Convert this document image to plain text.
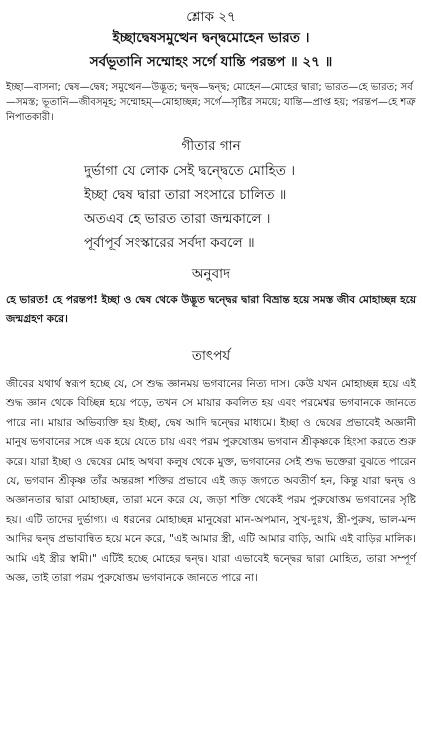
শ্লোক ২৭
ইচ্ছাদ্বেষসমুত্থেন দ্বন্দ্বমোহেন ভারত ।
সর্বভূতানি সম্মোহং সর্গে যান্তি পরন্তপ ॥ ২৭ ॥
ইচ্ছা—বাসনা; দ্বেষ—দ্বেষ; সমুত্থেন—উদ্ভূত; দ্বন্দ্ব—দ্বন্দ্ব; মোহেন—মোহের দ্বারা; ভারত—হে ভারত; সর্ব—সমস্ত; ভূতানি—জীবসমূহ; সম্মোহম্—মোহাচ্ছন্ন; সর্গে—সৃষ্টির সময়ে; যান্তি—প্রাপ্ত হয়; পরন্তপ—হে শত্রু নিপাতকারী।
গীতার গান
দুর্ভাগা যে লোক সেই দ্বন্দ্বেতে মোহিত ।
ইচ্ছা দ্বেষ দ্বারা তারা সংসারে চালিত ॥
অতএব হে ভারত তারা জন্মকালে ।
পূর্বাপূর্ব সংস্কারের সর্বদা কবলে ॥
অনুবাদ
হে ভারত! হে পরন্তপ! ইচ্ছা ও দ্বেষ থেকে উদ্ভূত দ্বন্দ্বের দ্বারা বিভ্রান্ত হয়ে সমস্ত জীব মোহাচ্ছন্ন হয়ে জন্মগ্রহণ করে।
তাৎপর্য
জীবের যথার্থ স্বরূপ হচ্ছে যে, সে শুদ্ধ জ্ঞানময় ভগবানের নিত্য দাস। কেউ যখন মোহাচ্ছন্ন হয়ে এই শুদ্ধ জ্ঞান থেকে বিচ্ছিন্ন হয়ে পড়ে, তখন সে মায়ার কবলিত হয় এবং পরমেশ্বর ভগবানকে জানতে পারে না। মায়ার অভিব্যক্তি হয় ইচ্ছা, দ্বেষ আদি দ্বন্দ্বের মাধ্যমে। ইচ্ছা ও দ্বেষের প্রভাবেই অজ্ঞানী মানুষ ভগবানের সঙ্গে এক হয়ে যেতে চায় এবং পরম পুরুষোত্তম ভগবান শ্রীকৃষ্ণকে হিংসা করতে শুরু করে। যারা ইচ্ছা ও দ্বেষের মোহ অথবা কলুষ থেকে মুক্ত, ভগবানের সেই শুদ্ধ ভক্তেরা বুঝতে পারেন যে, ভগবান শ্রীকৃষ্ণ তাঁর অন্তরঙ্গা শক্তির প্রভাবে এই জড় জগতে অবতীর্ণ হন, কিন্তু যারা দ্বন্দ্ব ও অজ্ঞানতার দ্বারা মোহাচ্ছন্ন, তারা মনে করে যে, জড়া শক্তি থেকেই পরম পুরুষোত্তম ভগবানের সৃষ্টি হয়। এটি তাদের দুর্ভাগ্য। এ ধরনের মোহাচ্ছন্ন মানুষেরা মান-অপমান, সুখ-দুঃখ, স্ত্রী-পুরুষ, ভাল-মন্দ আদির দ্বন্দ্ব প্রভাবান্বিত হয়ে মনে করে, "এই আমার স্ত্রী, এটি আমার বাড়ি, আমি এই বাড়ির মালিক। আমি এই স্ত্রীর স্বামী।" এটিই হচ্ছে মোহের দ্বন্দ্ব। যারা এভাবেই দ্বন্দ্বের দ্বারা মোহিত, তারা সম্পূর্ণ অজ্ঞ, তাই তারা পরম পুরুষোত্তম ভগবানকে জানতে পারে না।
